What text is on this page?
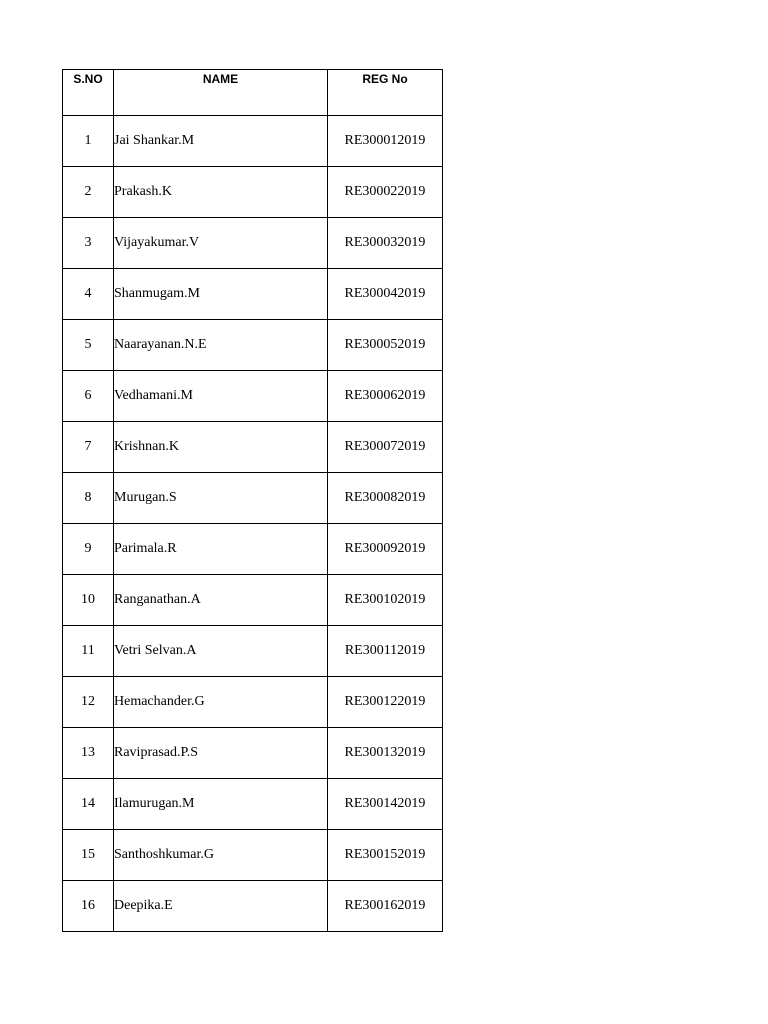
S.NO	NAME	REG No
1	Jai Shankar.M	RE300012019
2	Prakash.K	RE300022019
3	Vijayakumar.V	RE300032019
4	Shanmugam.M	RE300042019
5	Naarayanan.N.E	RE300052019
6	Vedhamani.M	RE300062019
7	Krishnan.K	RE300072019
8	Murugan.S	RE300082019
9	Parimala.R	RE300092019
10	Ranganathan.A	RE300102019
11	Vetri Selvan.A	RE300112019
12	Hemachander.G	RE300122019
13	Raviprasad.P.S	RE300132019
14	Ilamurugan.M	RE300142019
15	Santhoshkumar.G	RE300152019
16	Deepika.E	RE300162019
